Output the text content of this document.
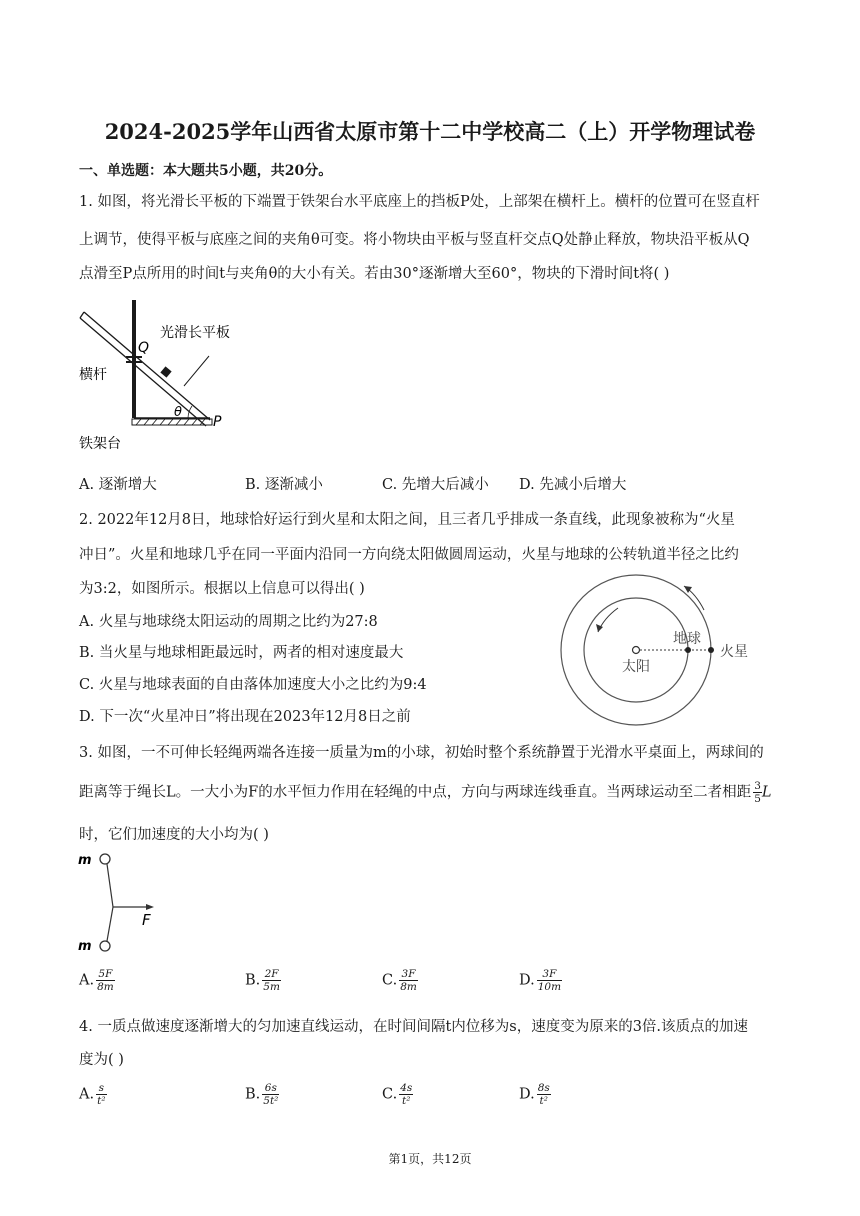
2024-2025学年山西省太原市第十二中学校高二（上）开学物理试卷
一、单选题：本大题共5小题，共20分。
1. 如图，将光滑长平板的下端置于铁架台水平底座上的挡板P处，上部架在横杆上。横杆的位置可在竖直杆
上调节，使得平板与底座之间的夹角θ可变。将小物块由平板与竖直杆交点Q处静止释放，物块沿平板从Q
点滑至P点所用的时间t与夹角θ的大小有关。若由30°逐渐增大至60°，物块的下滑时间t将( )
Q
光滑长平板
横杆
θ
P
铁架台
A. 逐渐增大	B. 逐渐减小	C. 先增大后减小 D. 先减小后增大
2. 2022年12月8日，地球恰好运行到火星和太阳之间，且三者几乎排成一条直线，此现象被称为“火星
冲日”。火星和地球几乎在同一平面内沿同一方向绕太阳做圆周运动，火星与地球的公转轨道半径之比约
为3:2，如图所示。根据以上信息可以得出( )
A. 火星与地球绕太阳运动的周期之比约为27:8
B. 当火星与地球相距最远时，两者的相对速度最大
C. 火星与地球表面的自由落体加速度大小之比约为9:4
D. 下一次“火星冲日”将出现在2023年12月8日之前
太阳
地球
火星
3. 如图，一不可伸长轻绳两端各连接一质量为m的小球，初始时整个系统静置于光滑水平桌面上，两球间的
距离等于绳长L。一大小为F的水平恒力作用在轻绳的中点，方向与两球连线垂直。当两球运动至二者相距 $\frac{3}{5}$ L
时，它们加速度的大小均为( )
m
m
F
A. $\frac{5F}{8m}$	B. $\frac{2F}{5m}$	C. $\frac{3F}{8m}$	D. $\frac{3F}{10m}$
4. 一质点做速度逐渐增大的匀加速直线运动，在时间间隔t内位移为s，速度变为原来的3倍.该质点的加速
度为( )
A. $\frac{s}{\text{t²}}$	B. $\frac{6s}{\text{5t²}}$	C. $\frac{4s}{\text{t²}}$	D. $\frac{8s}{\text{t²}}$
第1页，共12页
